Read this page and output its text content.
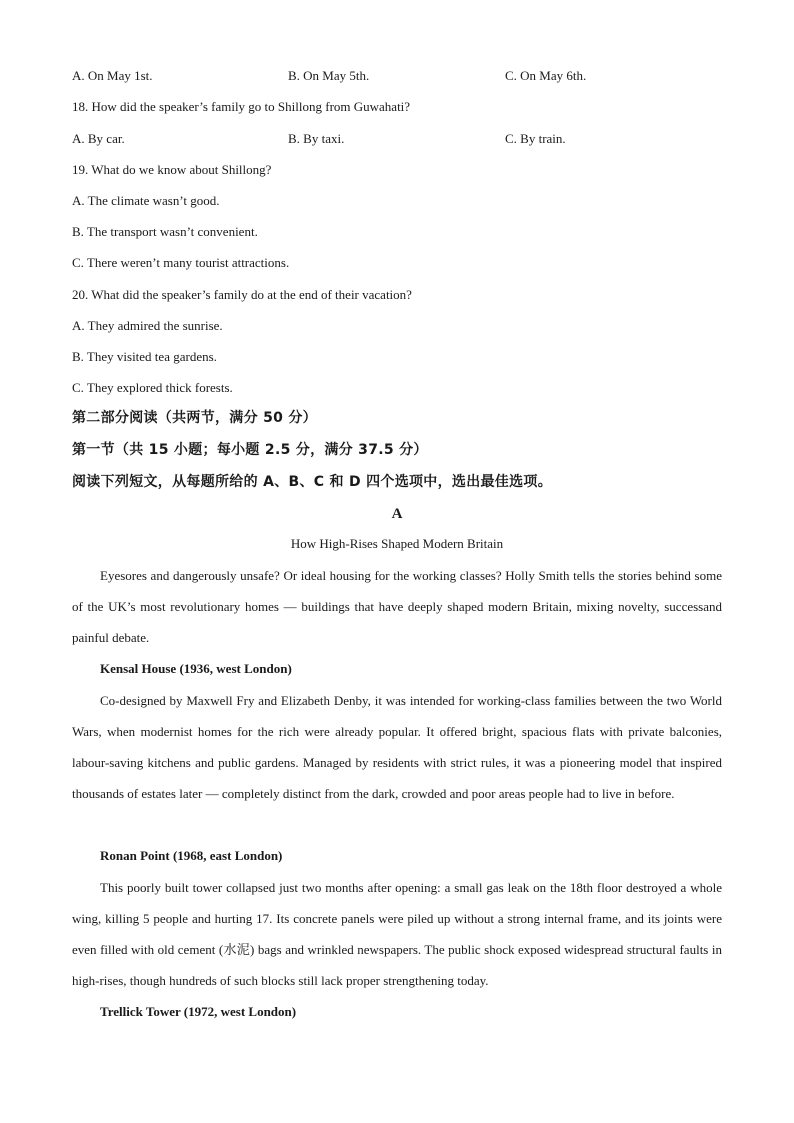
A. On May 1st.	B. On May 5th.	C. On May 6th.
18. How did the speaker’s family go to Shillong from Guwahati?
A. By car.	B. By taxi.	C. By train.
19. What do we know about Shillong?
A. The climate wasn’t good.
B. The transport wasn’t convenient.
C. There weren’t many tourist attractions.
20. What did the speaker’s family do at the end of their vacation?
A. They admired the sunrise.
B. They visited tea gardens.
C. They explored thick forests.
第二部分阅读（共两节，满分 50 分）
第一节（共 15 小题；每小题 2.5 分，满分 37.5 分）
阅读下列短文，从每题所给的 A、B、C 和 D 四个选项中，选出最佳选项。
A
How High-Rises Shaped Modern Britain

Eyesores and dangerously unsafe? Or ideal housing for the working classes? Holly Smith tells the stories behind some of the UK’s most revolutionary homes — buildings that have deeply shaped modern Britain, mixing novelty, successand painful debate.

Kensal House (1936, west London)

Co-designed by Maxwell Fry and Elizabeth Denby, it was intended for working-class families between the two World Wars, when modernist homes for the rich were already popular. It offered bright, spacious flats with private balconies, labour-saving kitchens and public gardens. Managed by residents with strict rules, it was a pioneering model that inspired thousands of estates later — completely distinct from the dark, crowded and poor areas people had to live in before.

Ronan Point (1968, east London)

This poorly built tower collapsed just two months after opening: a small gas leak on the 18th floor destroyed a whole wing, killing 5 people and hurting 17. Its concrete panels were piled up without a strong internal frame, and its joints were even filled with old cement (水泥) bags and wrinkled newspapers. The public shock exposed widespread structural faults in high-rises, though hundreds of such blocks still lack proper strengthening today.

Trellick Tower (1972, west London)
